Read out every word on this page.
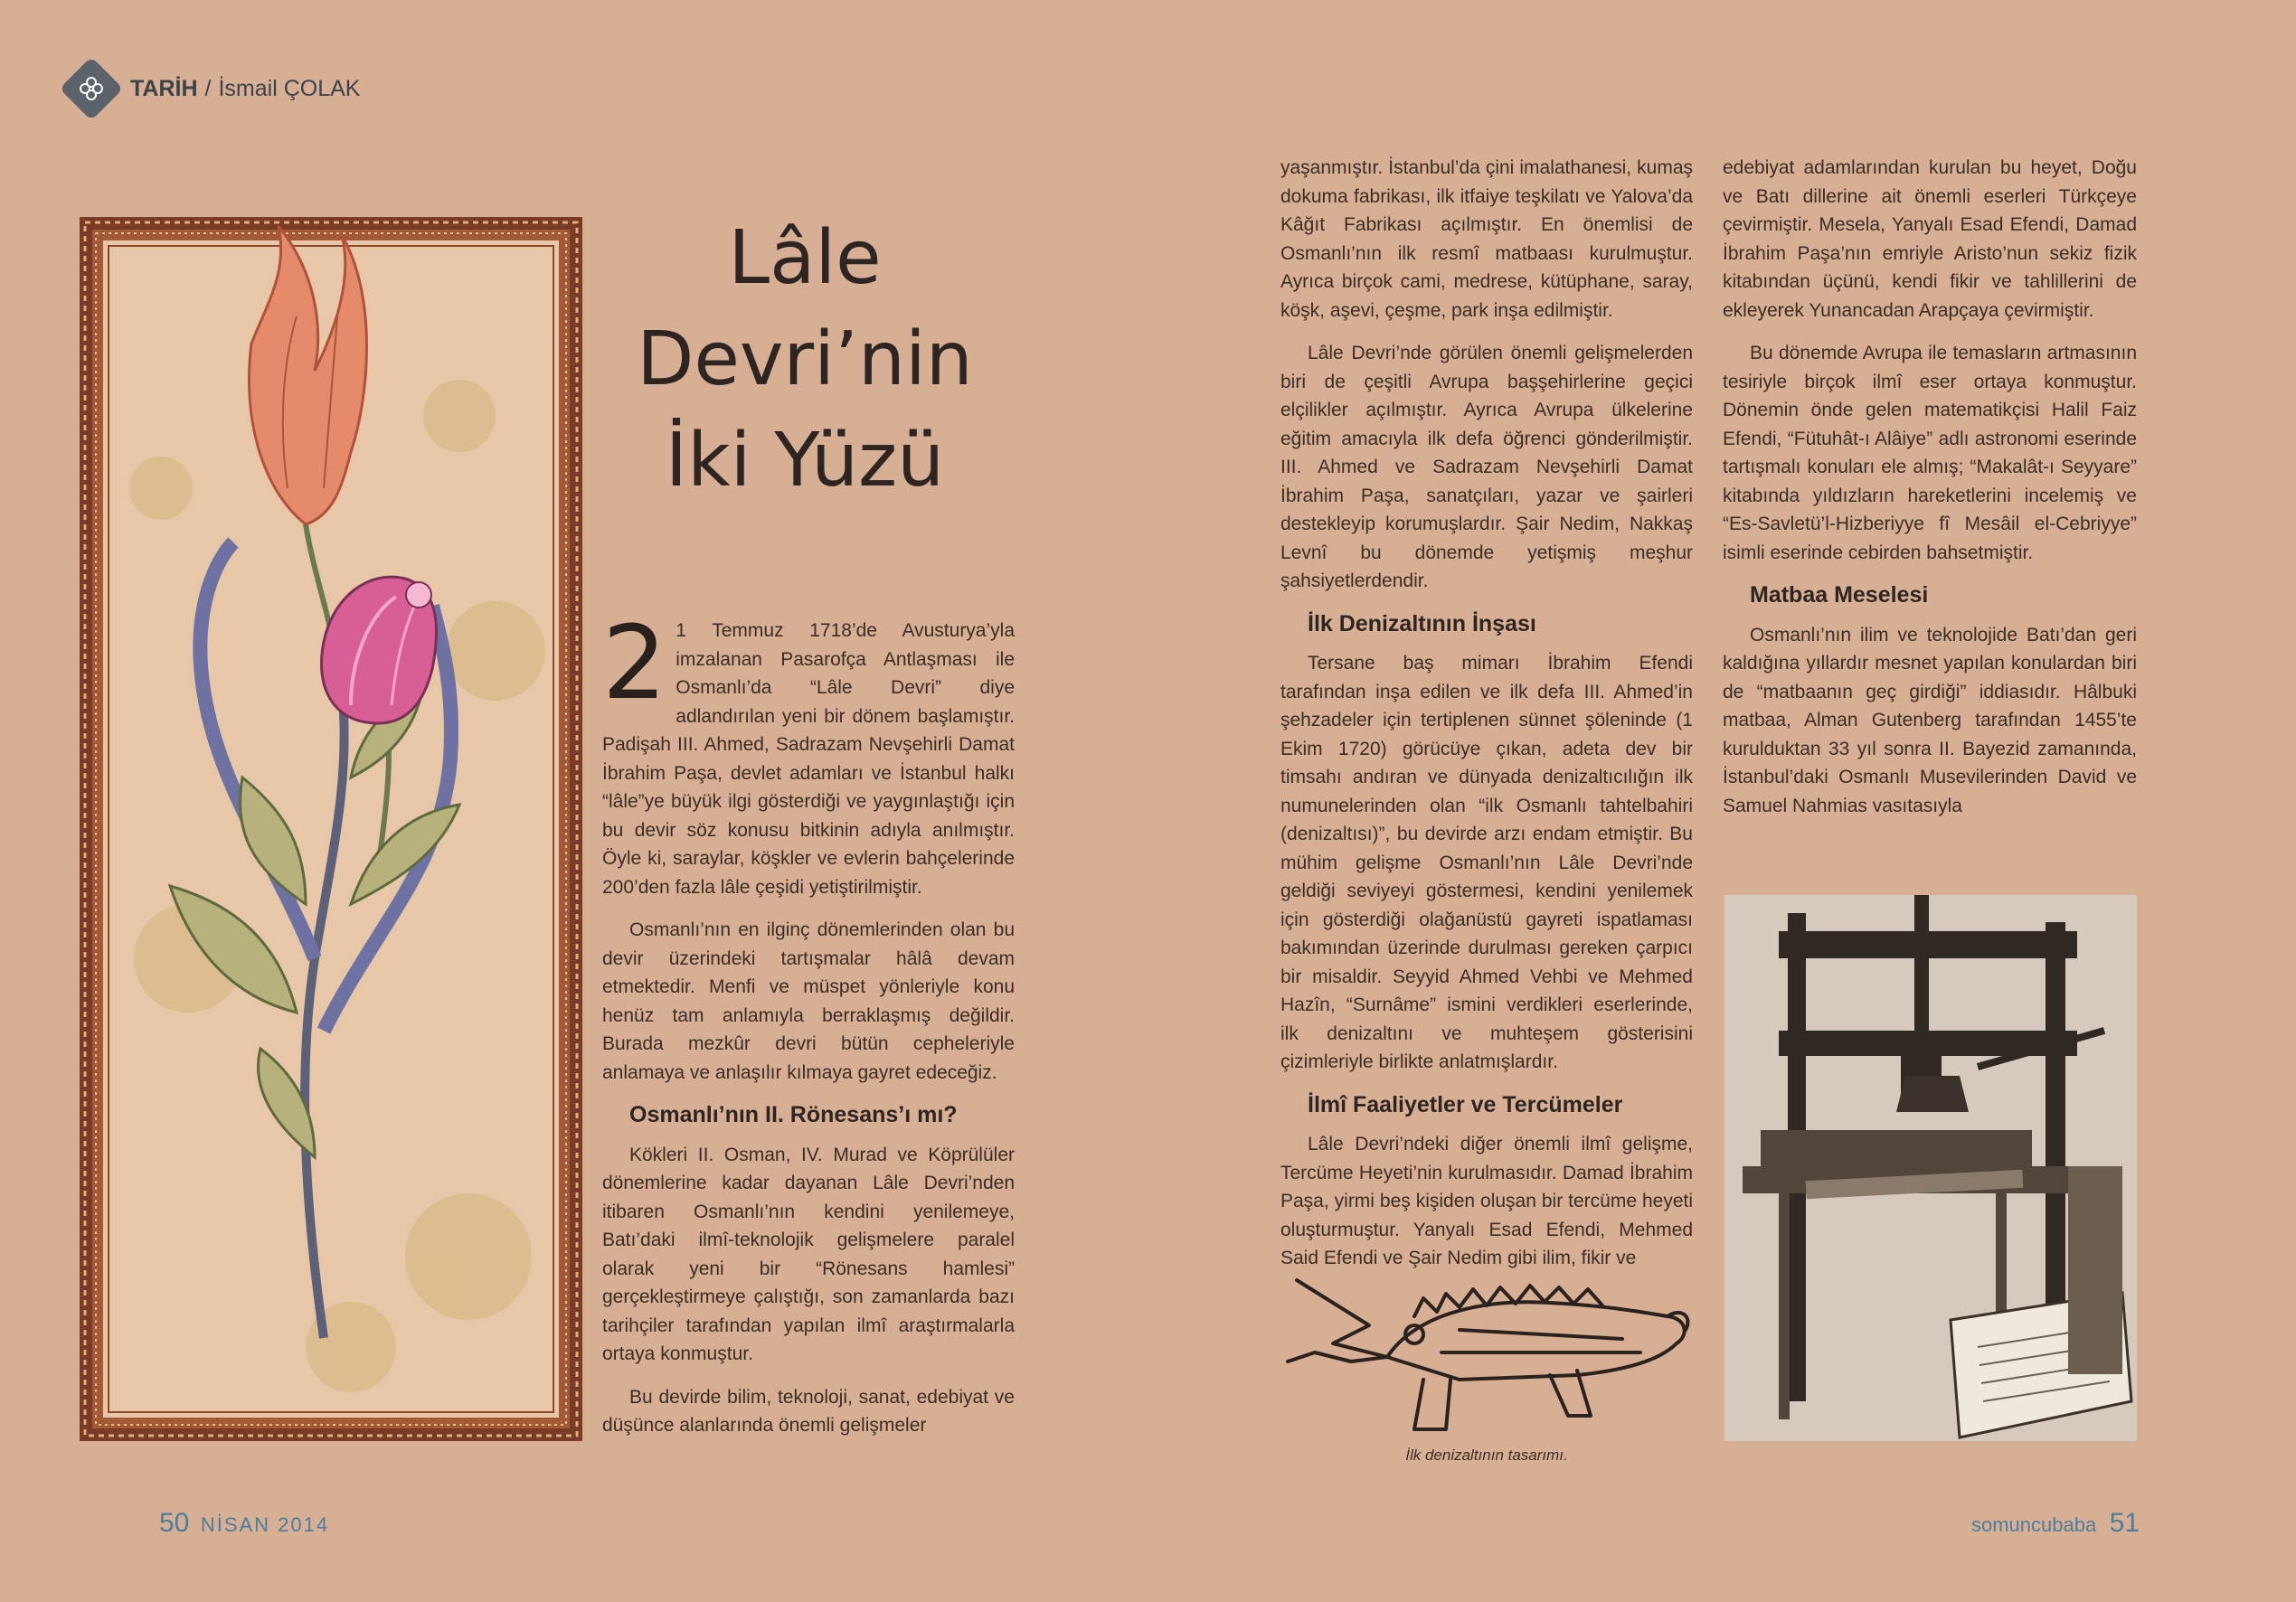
TARİH / İsmail ÇOLAK
Lâle
Devri’nin
İki Yüzü

2 1 Temmuz 1718’de Avusturya’yla imzalanan Pasarofça Antlaşması ile Osmanlı’da “Lâle Devri” diye adlandırılan yeni bir dönem başlamıştır. Padişah III. Ahmed, Sadrazam Nevşehirli Damat İbrahim Paşa, devlet adamları ve İstanbul halkı “lâle”ye büyük ilgi gösterdiği ve yaygınlaştığı için bu devir söz konusu bitkinin adıyla anılmıştır. Öyle ki, saraylar, köşkler ve evlerin bahçelerinde 200’den fazla lâle çeşidi yetiştirilmiştir.

Osmanlı’nın en ilginç dönemlerinden olan bu devir üzerindeki tartışmalar hâlâ devam etmektedir. Menfi ve müspet yönleriyle konu henüz tam anlamıyla berraklaşmış değildir. Burada mezkûr devri bütün cepheleriyle anlamaya ve anlaşılır kılmaya gayret edeceğiz.

Osmanlı’nın II. Rönesans’ı mı?

Kökleri II. Osman, IV. Murad ve Köprülüler dönemlerine kadar dayanan Lâle Devri’nden itibaren Osmanlı’nın kendini yenilemeye, Batı’daki ilmî-teknolojik gelişmelere paralel olarak yeni bir “Rönesans hamlesi” gerçekleştirmeye çalıştığı, son zamanlarda bazı tarihçiler tarafından yapılan ilmî araştırmalarla ortaya konmuştur.

Bu devirde bilim, teknoloji, sanat, edebiyat ve düşünce alanlarında önemli gelişmeler

yaşanmıştır. İstanbul’da çini imalathanesi, kumaş dokuma fabrikası, ilk itfaiye teşkilatı ve Yalova’da Kâğıt Fabrikası açılmıştır. En önemlisi de Osmanlı’nın ilk resmî matbaası kurulmuştur. Ayrıca birçok cami, medrese, kütüphane, saray, köşk, aşevi, çeşme, park inşa edilmiştir.

Lâle Devri’nde görülen önemli gelişmelerden biri de çeşitli Avrupa başşehirlerine geçici elçilikler açılmıştır. Ayrıca Avrupa ülkelerine eğitim amacıyla ilk defa öğrenci gönderilmiştir. III. Ahmed ve Sadrazam Nevşehirli Damat İbrahim Paşa, sanatçıları, yazar ve şairleri destekleyip korumuşlardır. Şair Nedim, Nakkaş Levnî bu dönemde yetişmiş meşhur şahsiyetlerdendir.

İlk Denizaltının İnşası

Tersane baş mimarı İbrahim Efendi tarafından inşa edilen ve ilk defa III. Ahmed’in şehzadeler için tertiplenen sünnet şöleninde (1 Ekim 1720) görücüye çıkan, adeta dev bir timsahı andıran ve dünyada denizaltıcılığın ilk numunelerinden olan “ilk Osmanlı tahtelbahiri (denizaltısı)”, bu devirde arzı endam etmiştir. Bu mühim gelişme Osmanlı’nın Lâle Devri’nde geldiği seviyeyi göstermesi, kendini yenilemek için gösterdiği olağanüstü gayreti ispatlaması bakımından üzerinde durulması gereken çarpıcı bir misaldir. Seyyid Ahmed Vehbi ve Mehmed Hazîn, “Surnâme” ismini verdikleri eserlerinde, ilk denizaltını ve muhteşem gösterisini çizimleriyle birlikte anlatmışlardır.

İlmî Faaliyetler ve Tercümeler

Lâle Devri’ndeki diğer önemli ilmî gelişme, Tercüme Heyeti’nin kurulmasıdır. Damad İbrahim Paşa, yirmi beş kişiden oluşan bir tercüme heyeti oluşturmuştur. Yanyalı Esad Efendi, Mehmed Said Efendi ve Şair Nedim gibi ilim, fikir ve

İlk denizaltının tasarımı.

edebiyat adamlarından kurulan bu heyet, Doğu ve Batı dillerine ait önemli eserleri Türkçeye çevirmiştir. Mesela, Yanyalı Esad Efendi, Damad İbrahim Paşa’nın emriyle Aristo’nun sekiz fizik kitabından üçünü, kendi fikir ve tahlillerini de ekleyerek Yunancadan Arapçaya çevirmiştir.

Bu dönemde Avrupa ile temasların artmasının tesiriyle birçok ilmî eser ortaya konmuştur. Dönemin önde gelen matematikçisi Halil Faiz Efendi, “Fütuhât-ı Alâiye” adlı astronomi eserinde tartışmalı konuları ele almış; “Makalât-ı Seyyare” kitabında yıldızların hareketlerini incelemiş ve “Es-Savletü’l-Hizberiyye fî Mesâil el-Cebriyye” isimli eserinde cebirden bahsetmiştir.

Matbaa Meselesi

Osmanlı’nın ilim ve teknolojide Batı’dan geri kaldığına yıllardır mesnet yapılan konulardan biri de “matbaanın geç girdiği” iddiasıdır. Hâlbuki matbaa, Alman Gutenberg tarafından 1455’te kurulduktan 33 yıl sonra II. Bayezid zamanında, İstanbul’daki Osmanlı Musevilerinden David ve Samuel Nahmias vasıtasıyla

50 NİSAN 2014	somuncubaba 51
